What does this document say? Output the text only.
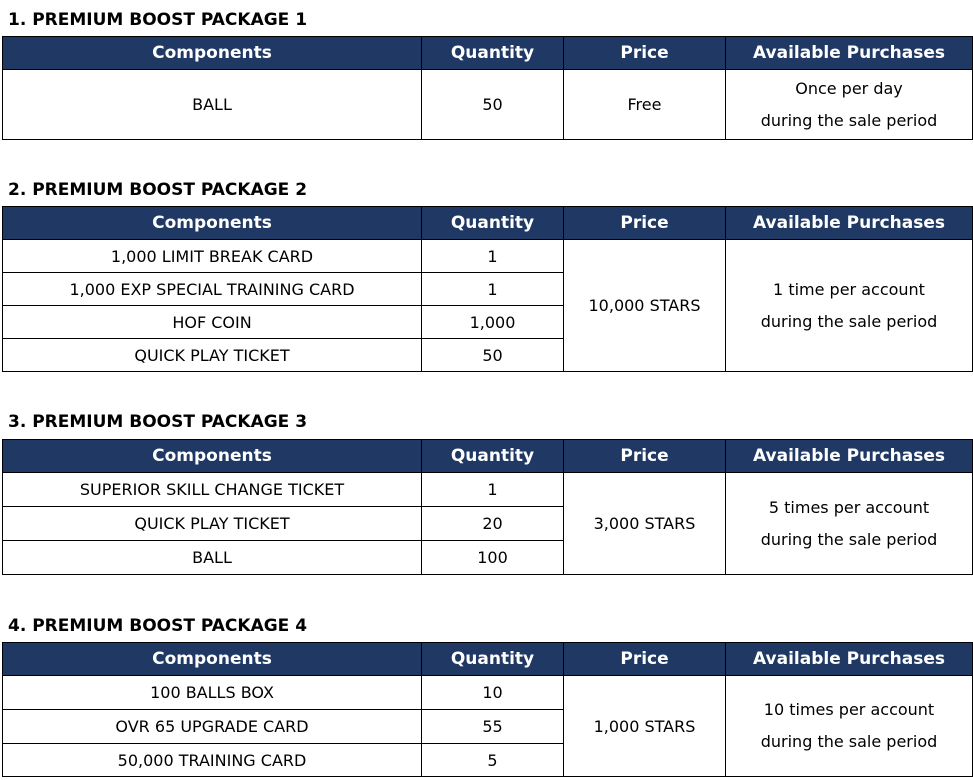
1. PREMIUM BOOST PACKAGE 1
Components	Quantity	Price	Available Purchases
BALL	50	Free	Once per day
during the sale period
2. PREMIUM BOOST PACKAGE 2
Components	Quantity	Price	Available Purchases
1,000 LIMIT BREAK CARD	1	10,000 STARS	1 time per account
during the sale period

1,000 EXP SPECIAL TRAINING CARD	1		
HOF COIN	1,000		
QUICK PLAY TICKET	50		
3. PREMIUM BOOST PACKAGE 3
Components	Quantity	Price	Available Purchases
SUPERIOR SKILL CHANGE TICKET	1	3,000 STARS	5 times per account
during the sale period

QUICK PLAY TICKET	20		
BALL	100		
4. PREMIUM BOOST PACKAGE 4
Components	Quantity	Price	Available Purchases
100 BALLS BOX	10	1,000 STARS	10 times per account
during the sale period

OVR 65 UPGRADE CARD	55		
50,000 TRAINING CARD	5		
